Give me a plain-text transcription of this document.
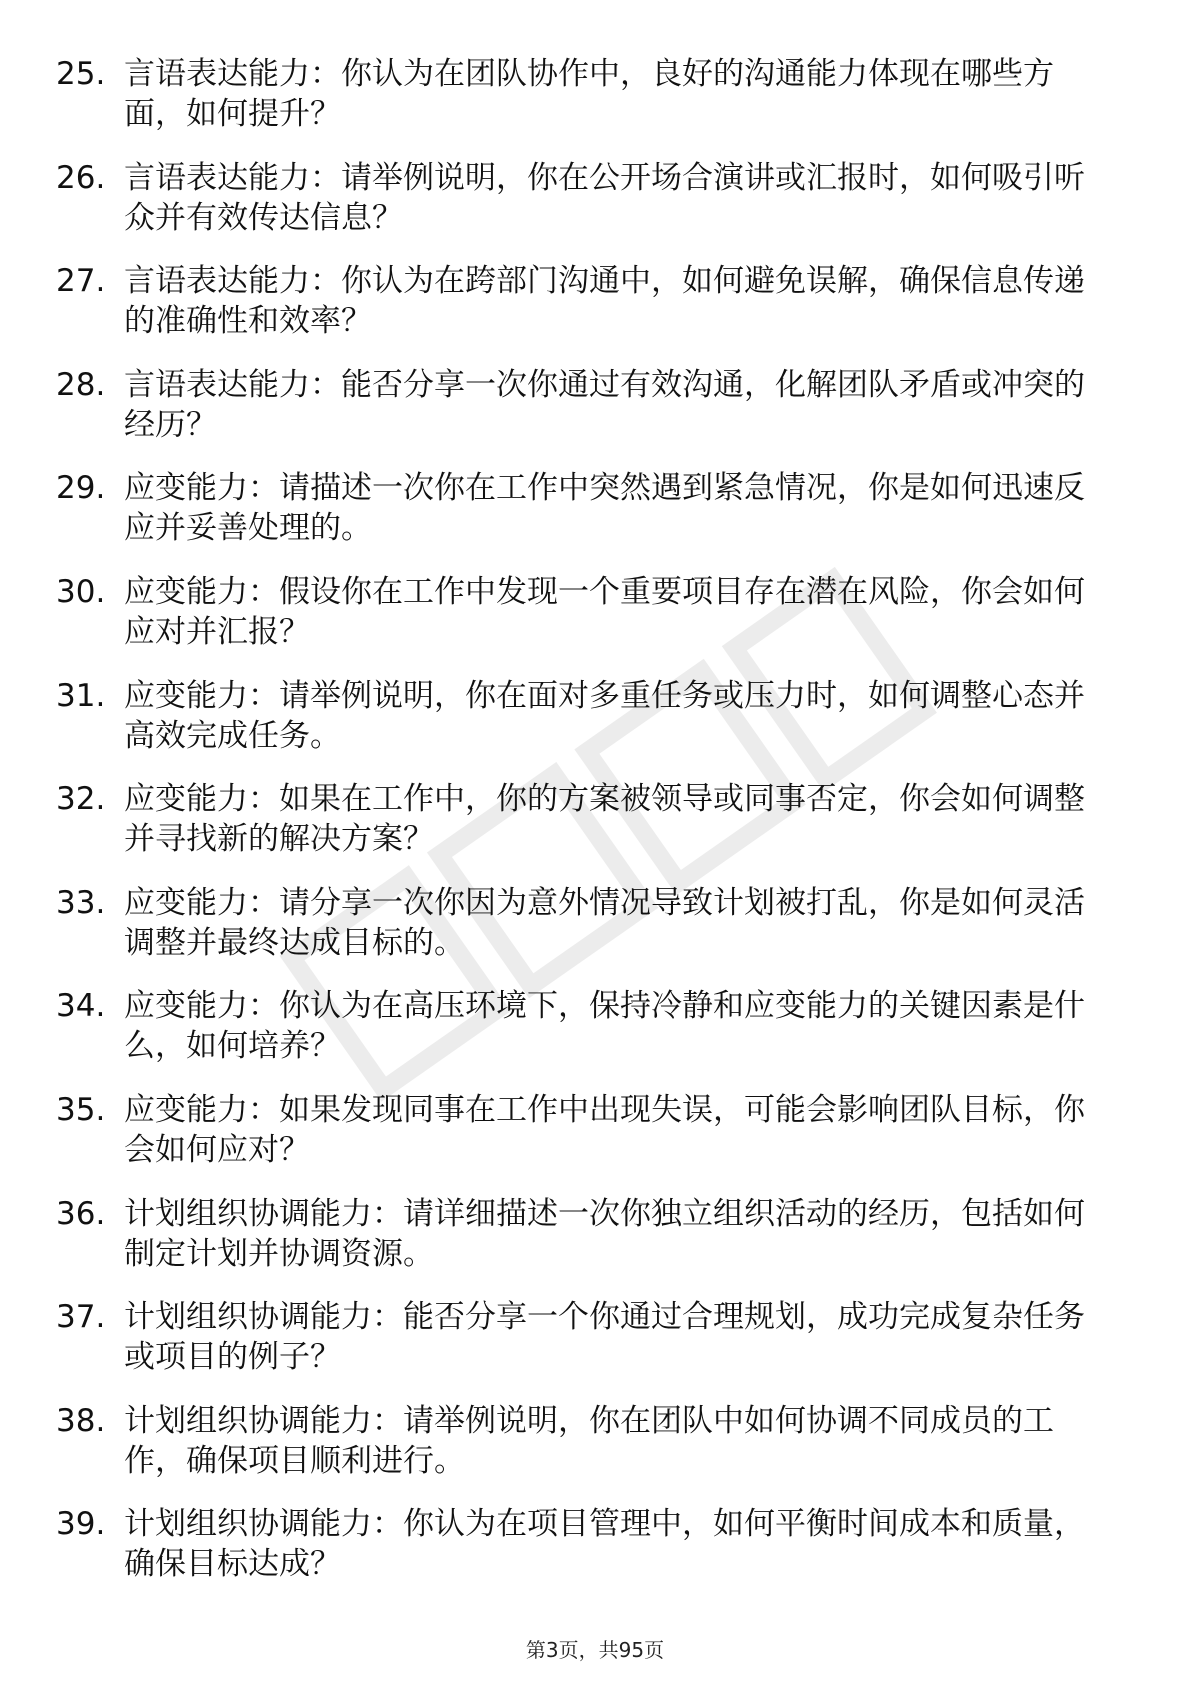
25. 言语表达能力：你认为在团队协作中，良好的沟通能力体现在哪些方面，如何提升？
26. 言语表达能力：请举例说明，你在公开场合演讲或汇报时，如何吸引听众并有效传达信息？
27. 言语表达能力：你认为在跨部门沟通中，如何避免误解，确保信息传递的准确性和效率？
28. 言语表达能力：能否分享一次你通过有效沟通，化解团队矛盾或冲突的经历？
29. 应变能力：请描述一次你在工作中突然遇到紧急情况，你是如何迅速反应并妥善处理的。
30. 应变能力：假设你在工作中发现一个重要项目存在潜在风险，你会如何应对并汇报？
31. 应变能力：请举例说明，你在面对多重任务或压力时，如何调整心态并高效完成任务。
32. 应变能力：如果在工作中，你的方案被领导或同事否定，你会如何调整并寻找新的解决方案？
33. 应变能力：请分享一次你因为意外情况导致计划被打乱，你是如何灵活调整并最终达成目标的。
34. 应变能力：你认为在高压环境下，保持冷静和应变能力的关键因素是什么，如何培养？
35. 应变能力：如果发现同事在工作中出现失误，可能会影响团队目标，你会如何应对？
36. 计划组织协调能力：请详细描述一次你独立组织活动的经历，包括如何制定计划并协调资源。
37. 计划组织协调能力：能否分享一个你通过合理规划，成功完成复杂任务或项目的例子？
38. 计划组织协调能力：请举例说明，你在团队中如何协调不同成员的工作，确保项目顺利进行。
39. 计划组织协调能力：你认为在项目管理中，如何平衡时间成本和质量，确保目标达成？
第3页，共95页
